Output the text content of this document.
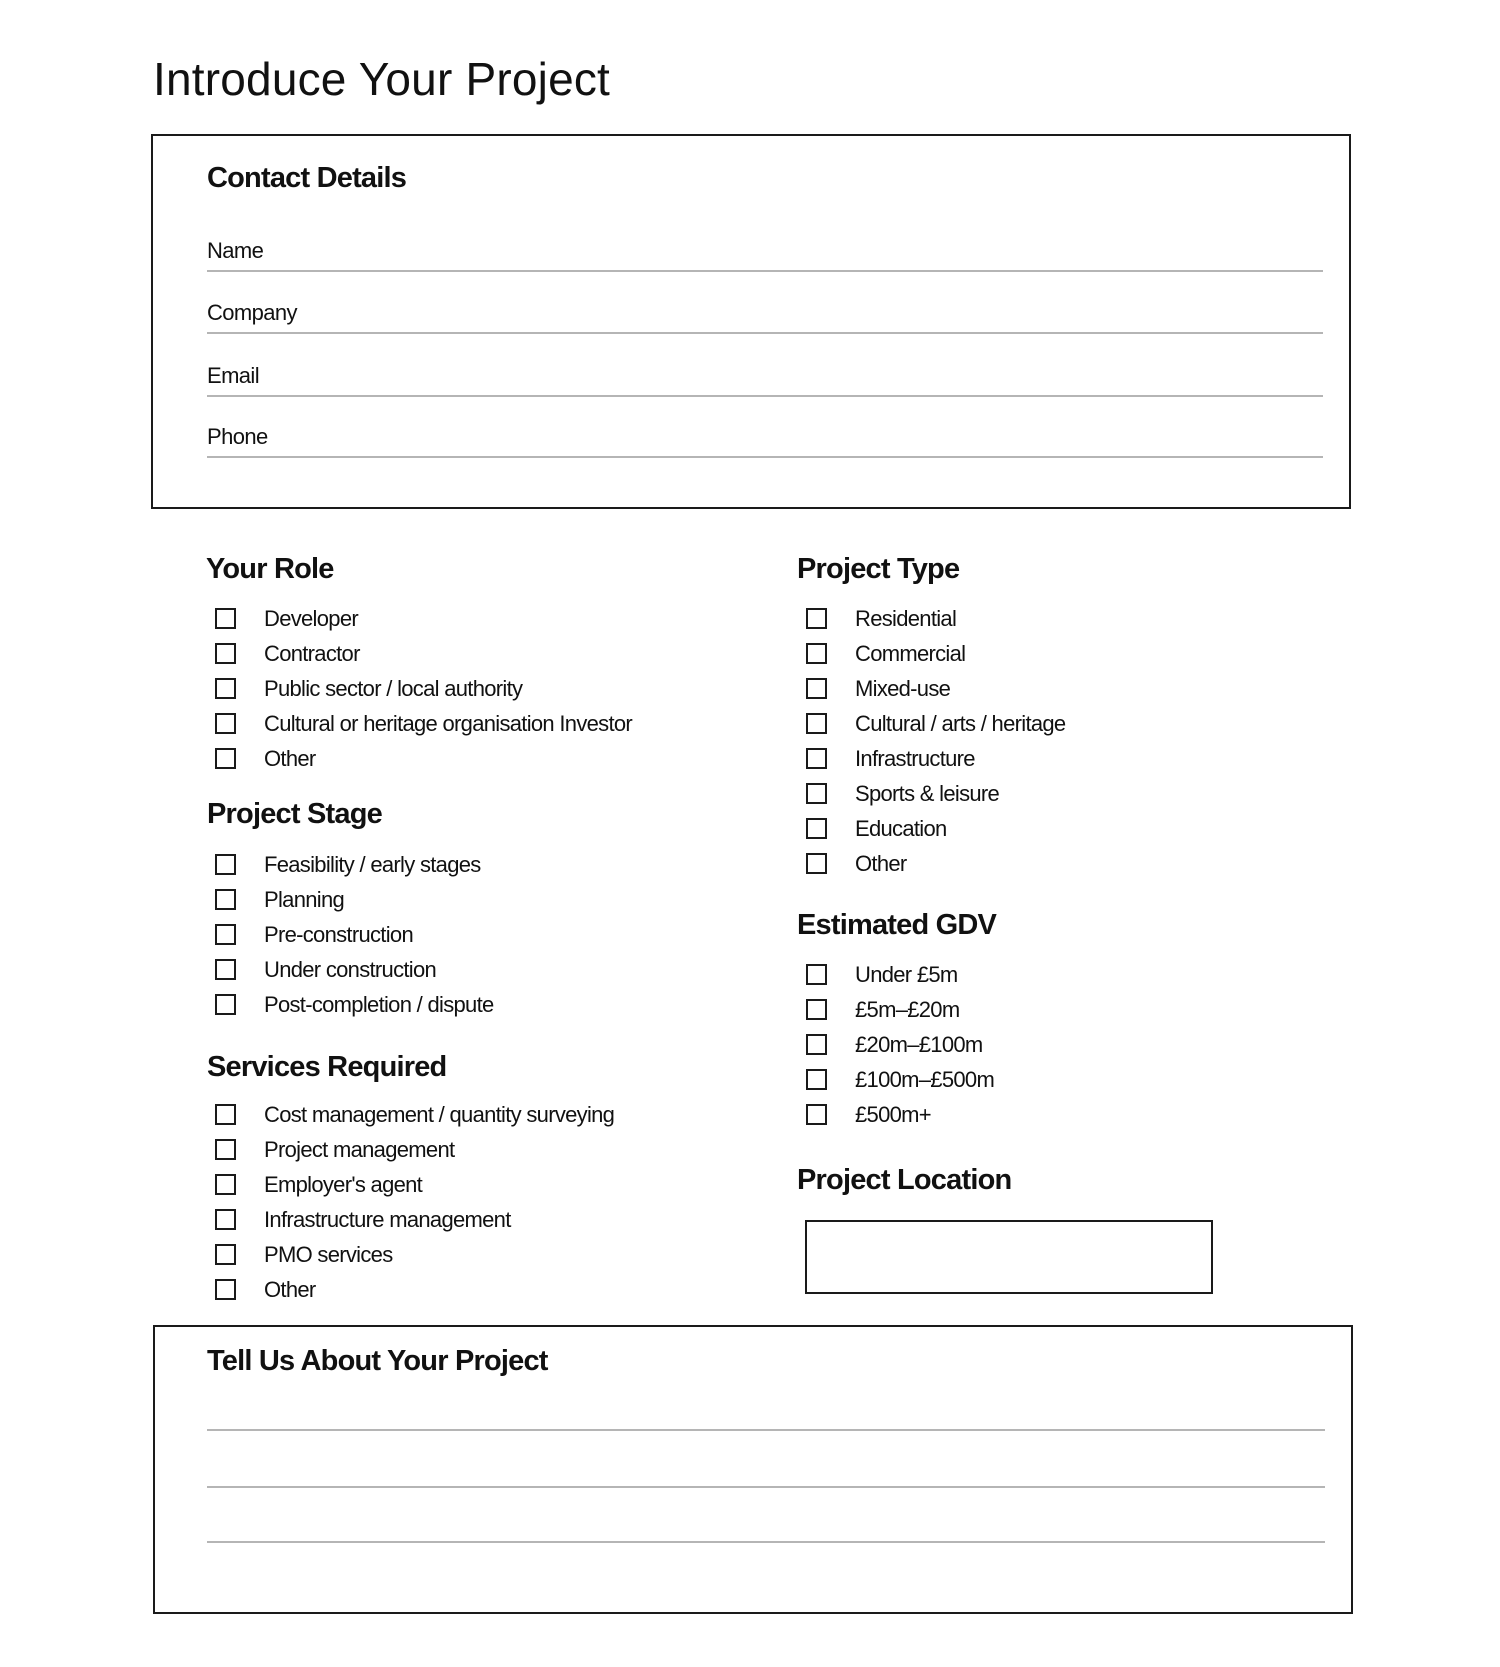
Introduce Your Project
Contact Details
Name
Company
Email
Phone
Your Role
Developer
Contractor
Public sector / local authority
Cultural or heritage organisation Investor
Other
Project Stage
Feasibility / early stages
Planning
Pre-construction
Under construction
Post-completion / dispute
Services Required
Cost management / quantity surveying
Project management
Employer's agent
Infrastructure management
PMO services
Other
Project Type
Residential
Commercial
Mixed-use
Cultural / arts / heritage
Infrastructure
Sports & leisure
Education
Other
Estimated GDV
Under £5m
£5m–£20m
£20m–£100m
£100m–£500m
£500m+
Project Location
Tell Us About Your Project
